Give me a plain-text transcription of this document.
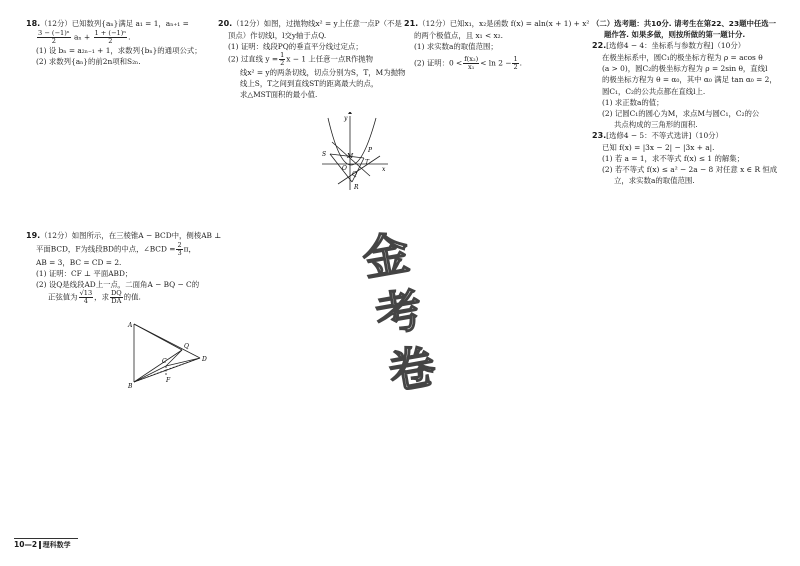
18.（12分）已知数列{aₙ}满足 a₁ = 1，aₙ₊₁ =
$\frac{\text{3 − (−1)ⁿ}}{2}$ $a_n + \frac{\text{1 + (−1)ⁿ}}{2}$ .
(1) 设 bₙ = a₂ₙ₋₁ + 1，求数列{bₙ}的通项公式；
(2) 求数列{aₙ}的前2n项和S₂ₙ.
19.（12分）如图所示，在三棱锥A − BCD中，侧棱AB ⊥
平面BCD，F为线段BD的中点，∠BCD = $\frac{2}{3}$ π，
AB = 3，BC = CD = 2.
(1) 证明：CF ⊥ 平面ABD；
(2) 设Q是线段AD上一点，二面角A − BQ − C的
正弦值为 $\frac{√13}{4}$ ，求 $\frac{DQ}{DA}$ 的值.
A
B
C	D
F
Q
20.（12分）如图，过抛物线x² = y上任意一点P（不是
顶点）作切线l，l交y轴于点Q.
(1) 证明：线段PQ的垂直平分线过定点；
(2) 过直线 $y = \frac{1}{2}$ x − 1 上任意一点R作抛物
线x² = y的两条切线，切点分别为S，T，M为抛物
线上S，T之间到直线ST的距离最大的点，
求△MST面积的最小值.
y
x
O
P
Q
S
T
M
R
21.（12分）已知x₁，x₂是函数 f(x) = aln(x + 1) + x²
的两个极值点，且 x₁ < x₂.
(1) 求实数a的取值范围；
(2) 证明：$0 < \frac{\text{f(x₂)}}{\text{x₁}} < \ln 2 - \frac{1}{2}$ .
（二）选考题：共10分. 请考生在第22、23题中任选一
题作答. 如果多做，则按所做的第一题计分.
22.[选修4 − 4：坐标系与参数方程]（10分）
在极坐标系中，圆C₁的极坐标方程为 ρ = acos θ
(a > 0)，圆C₂的极坐标方程为 ρ = 2sin θ，直线l
的极坐标方程为 θ = α₀，其中 α₀ 满足 tan α₀ = 2，
圆C₁，C₂的公共点都在直线l上.
(1) 求正数a的值；
(2) 记圆C₁的圆心为M，求点M与圆C₁，C₂的公
共点构成的三角形的面积.
23.[选修4 − 5：不等式选讲]（10分）
已知 f(x) = |3x − 2| − |3x + a|.
(1) 若 a = 1，求不等式 f(x) ≤ 1 的解集；
(2) 若不等式 f(x) ≤ a² − 2a − 8 对任意 x ∈ R 恒成
立，求实数a的取值范围.
金
考
卷
10—2 理科数学
